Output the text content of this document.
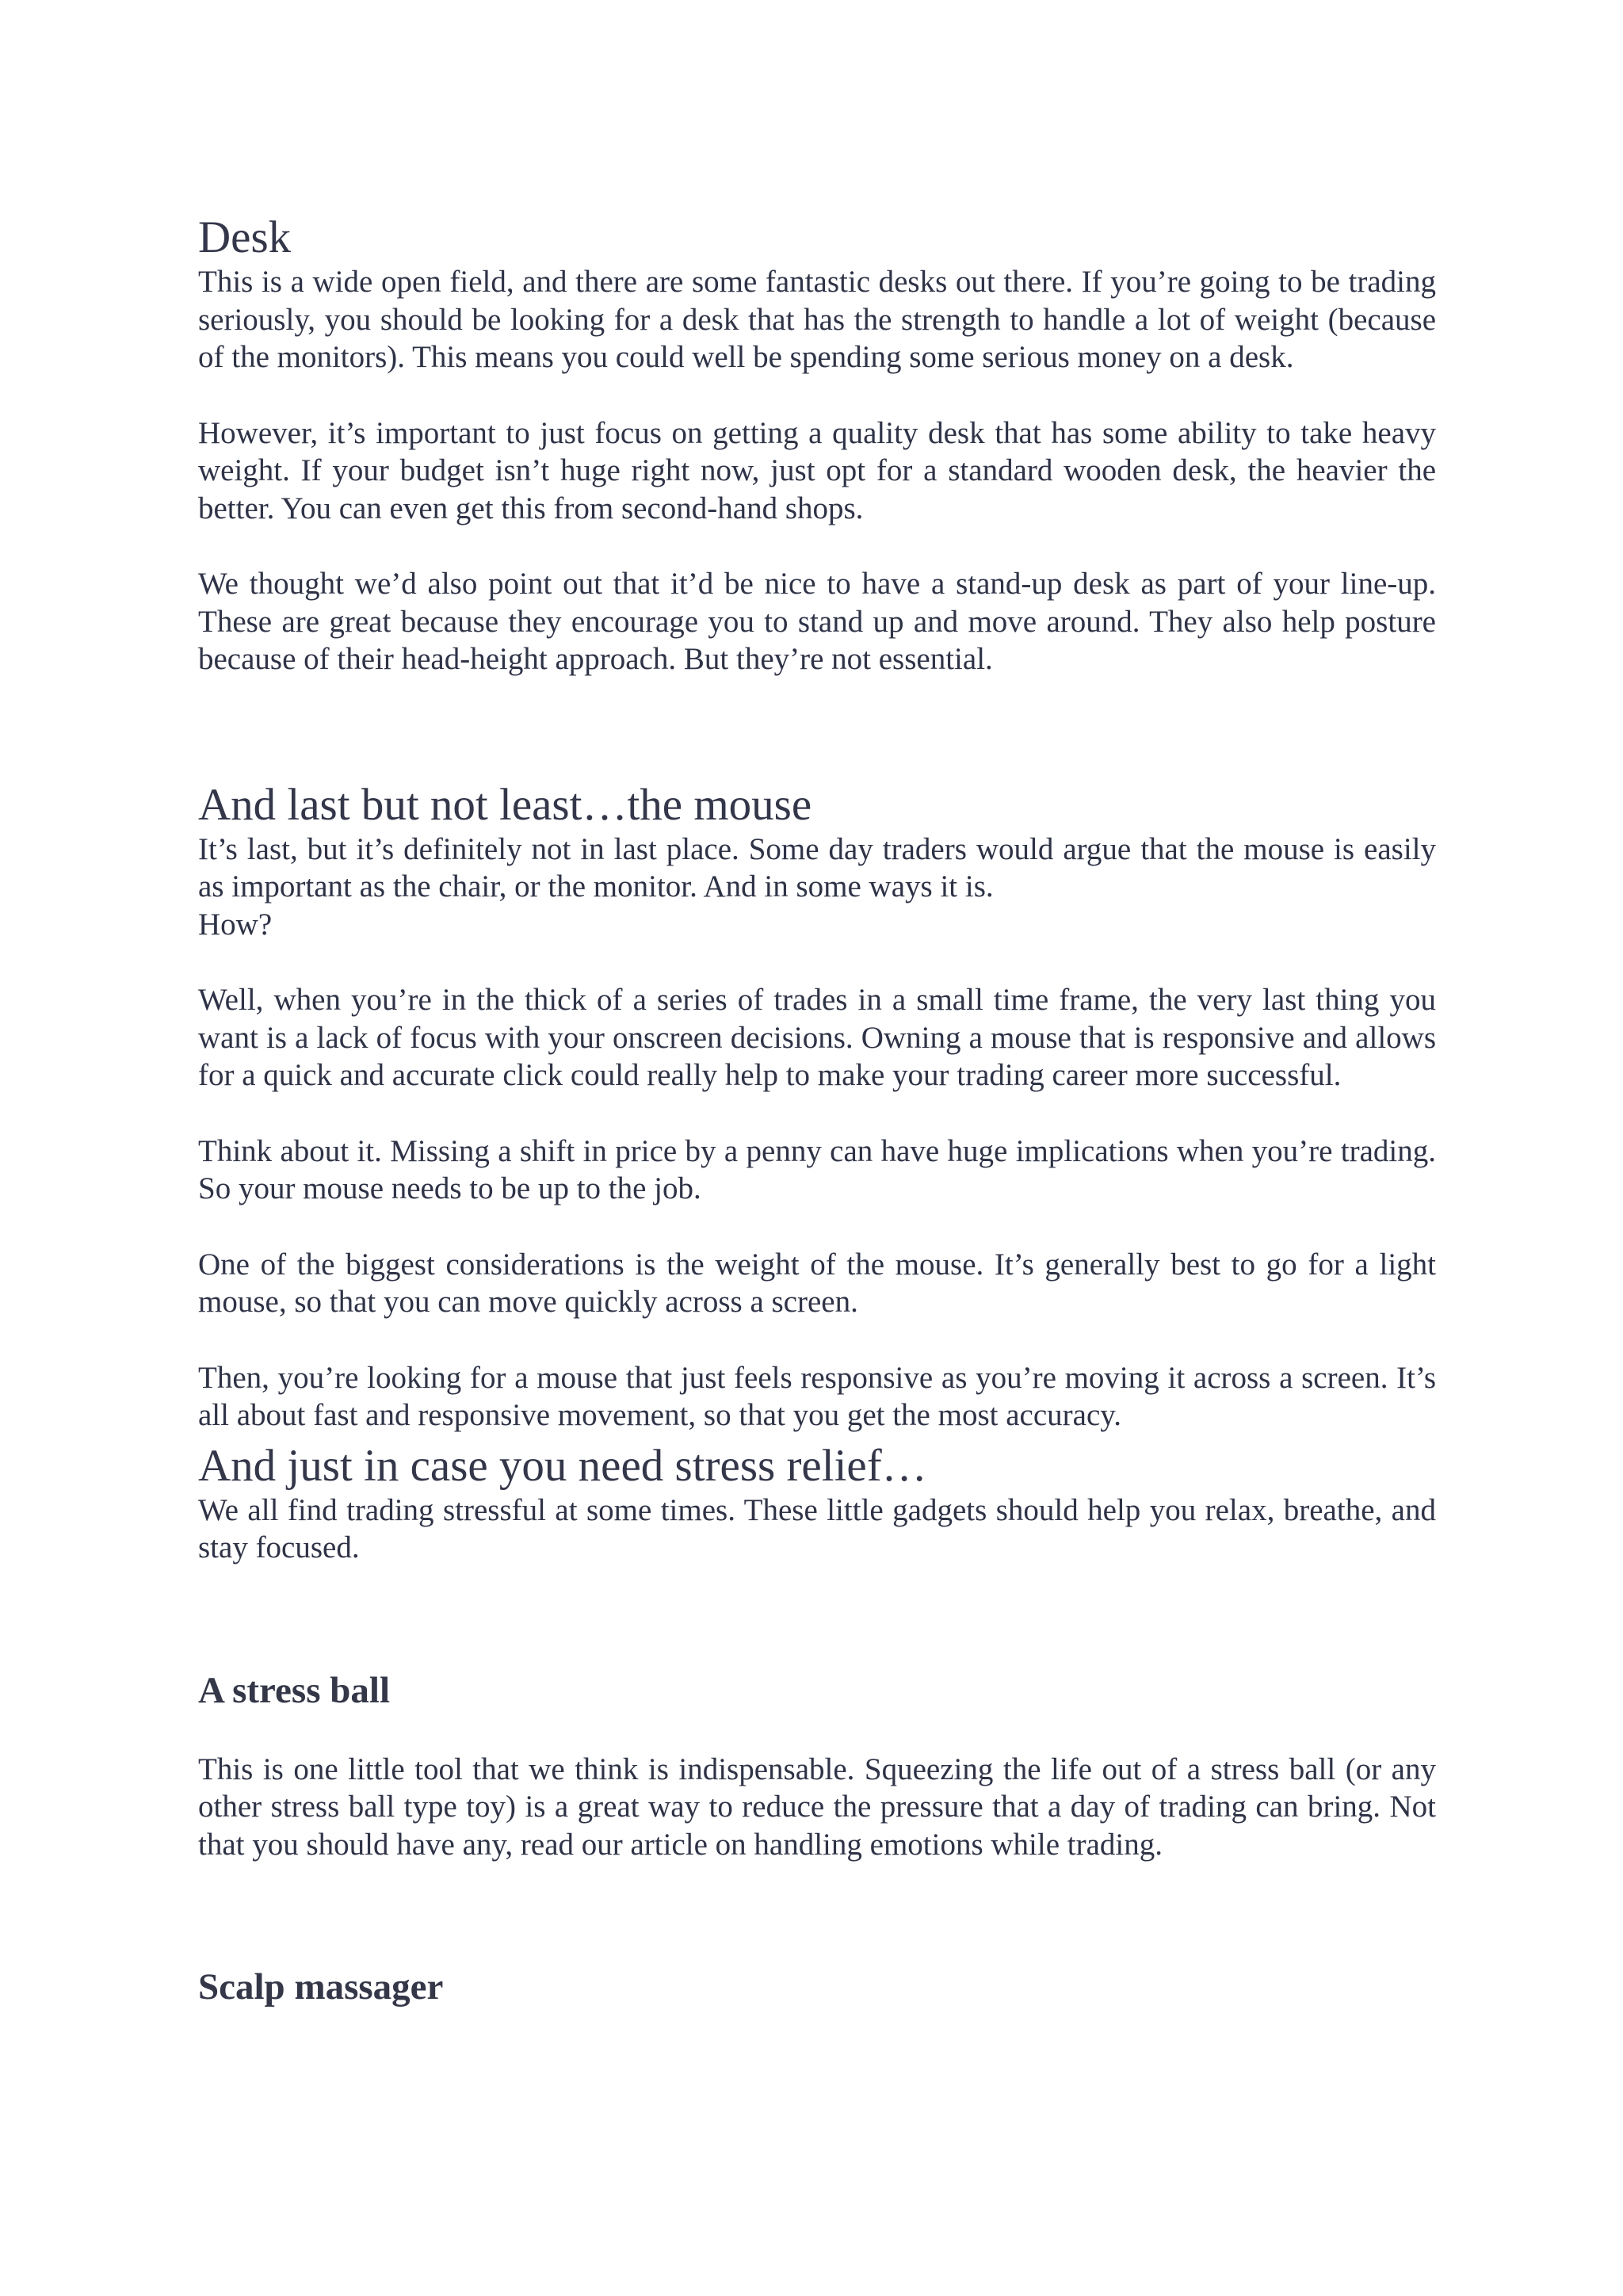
Desk

This is a wide open field, and there are some fantastic desks out there. If you’re going to be trading seriously, you should be looking for a desk that has the strength to handle a lot of weight (because of the monitors). This means you could well be spending some serious money on a desk.

However, it’s important to just focus on getting a quality desk that has some ability to take heavy weight. If your budget isn’t huge right now, just opt for a standard wooden desk, the heavier the better. You can even get this from second-hand shops.

We thought we’d also point out that it’d be nice to have a stand-up desk as part of your line-up. These are great because they encourage you to stand up and move around. They also help posture because of their head-height approach. But they’re not essential.

And last but not least…the mouse

It’s last, but it’s definitely not in last place. Some day traders would argue that the mouse is easily as important as the chair, or the monitor. And in some ways it is.

How?

Well, when you’re in the thick of a series of trades in a small time frame, the very last thing you want is a lack of focus with your onscreen decisions. Owning a mouse that is responsive and allows for a quick and accurate click could really help to make your trading career more successful.

Think about it. Missing a shift in price by a penny can have huge implications when you’re trading. So your mouse needs to be up to the job.

One of the biggest considerations is the weight of the mouse. It’s generally best to go for a light mouse, so that you can move quickly across a screen.

Then, you’re looking for a mouse that just feels responsive as you’re moving it across a screen. It’s all about fast and responsive movement, so that you get the most accuracy.

And just in case you need stress relief…

We all find trading stressful at some times. These little gadgets should help you relax, breathe, and stay focused.

A stress ball

This is one little tool that we think is indispensable. Squeezing the life out of a stress ball (or any other stress ball type toy) is a great way to reduce the pressure that a day of trading can bring. Not that you should have any, read our article on handling emotions while trading.

Scalp massager
